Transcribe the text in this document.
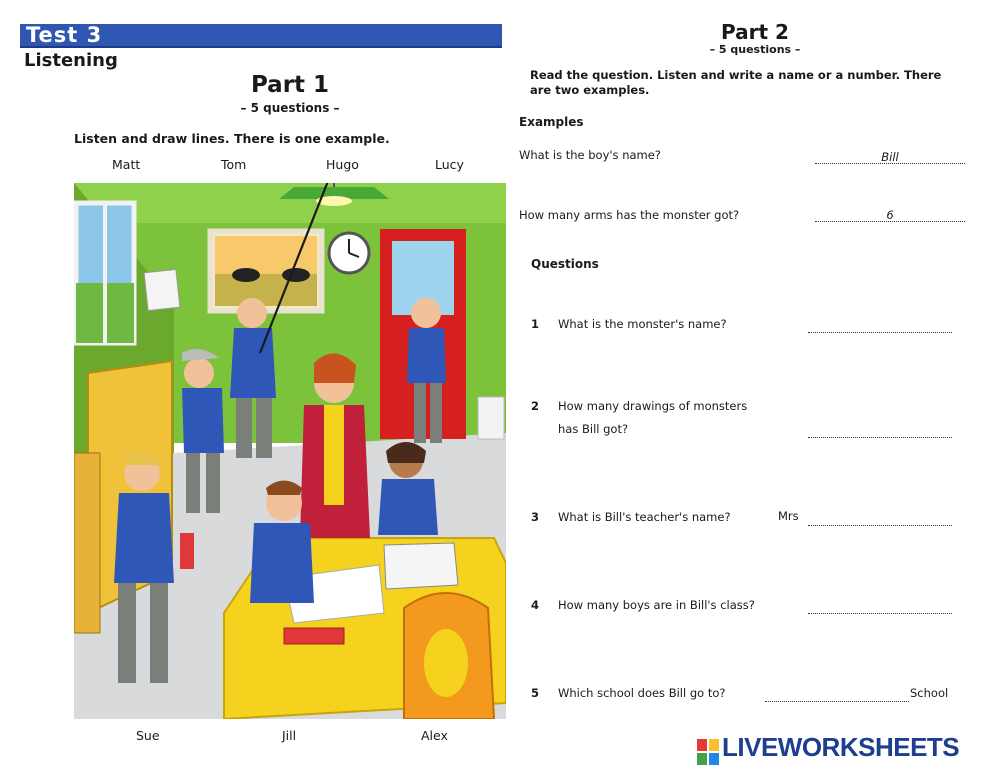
Test 3
Listening
Part 1
– 5 questions –
Listen and draw lines. There is one example.
Matt	Tom	Hugo	Lucy
Sue	Jill	Alex
Part 2
– 5 questions –
Read the question. Listen and write a name or a number. There are two examples.
Examples
What is the boy's name?	Bill
How many arms has the monster got?	6
Questions
1 What is the monster's name?
2 How many drawings of monsters
has Bill got?
3 What is Bill's teacher's name?	Mrs
4 How many boys are in Bill's class?
5 Which school does Bill go to?	School
LIVEWORKSHEETS
